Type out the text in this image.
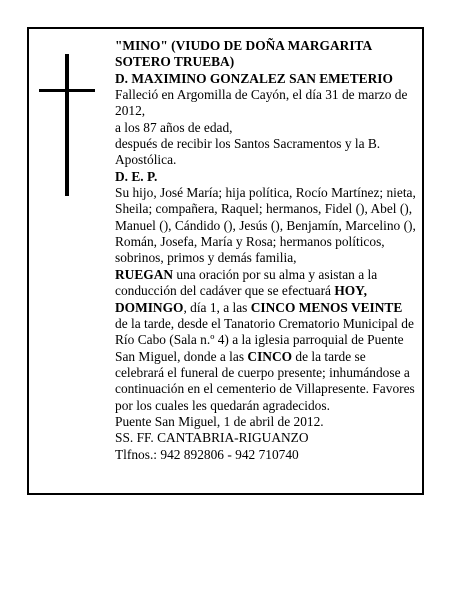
"MINO" (VIUDO DE DOÑA MARGARITA
SOTERO TRUEBA)
D. MAXIMINO GONZALEZ SAN EMETERIO
Falleció en Argomilla de Cayón, el día 31 de marzo de
2012,
a los 87 años de edad,
después de recibir los Santos Sacramentos y la B.
Apostólica.
D. E. P.
Su hijo, José María; hija política, Rocío Martínez; nieta,
Sheila; compañera, Raquel; hermanos, Fidel (), Abel (),
Manuel (), Cándido (), Jesús (), Benjamín, Marcelino (),
Román, Josefa, María y Rosa; hermanos políticos,
sobrinos, primos y demás familia,
RUEGAN una oración por su alma y asistan a la
conducción del cadáver que se efectuará HOY,
DOMINGO, día 1, a las CINCO MENOS VEINTE
de la tarde, desde el Tanatorio Crematorio Municipal de
Río Cabo (Sala n.º 4) a la iglesia parroquial de Puente
San Miguel, donde a las CINCO de la tarde se
celebrará el funeral de cuerpo presente; inhumándose a
continuación en el cementerio de Villapresente. Favores
por los cuales les quedarán agradecidos.
Puente San Miguel, 1 de abril de 2012.
SS. FF. CANTABRIA-RIGUANZO
Tlfnos.: 942 892806 - 942 710740
